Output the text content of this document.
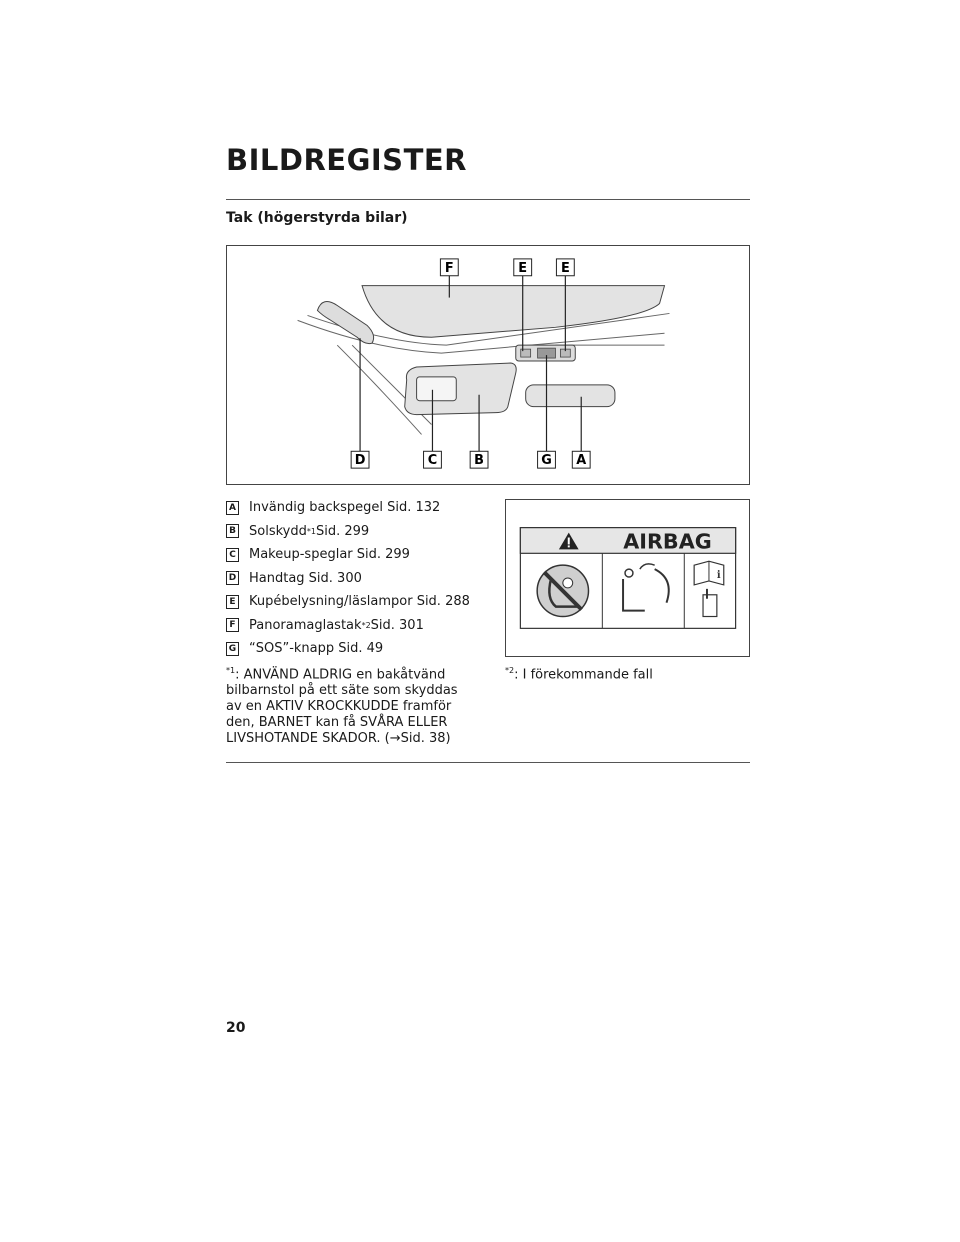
BILDREGISTER
Tak (högerstyrda bilar)
F	E	E
D	C	B	G A
A Invändig backspegel Sid. 132
B Solskydd *1 Sid. 299
C Makeup-speglar Sid. 299
D Handtag Sid. 300
E Kupébelysning/läslampor Sid. 288
F Panoramaglastak *2 Sid. 301
G “SOS”-knapp Sid. 49
$^{*1}$: ANVÄND ALDRIG en bakåtvänd bilbarnstol på ett säte som skyddas av en AKTIV KROCKKUDDE framför den, BARNET kan få SVÅRA ELLER LIVSHOTANDE SKADOR. (→Sid. 38)
$^{*2}$: I förekommande fall
AIRBAG
i
20
